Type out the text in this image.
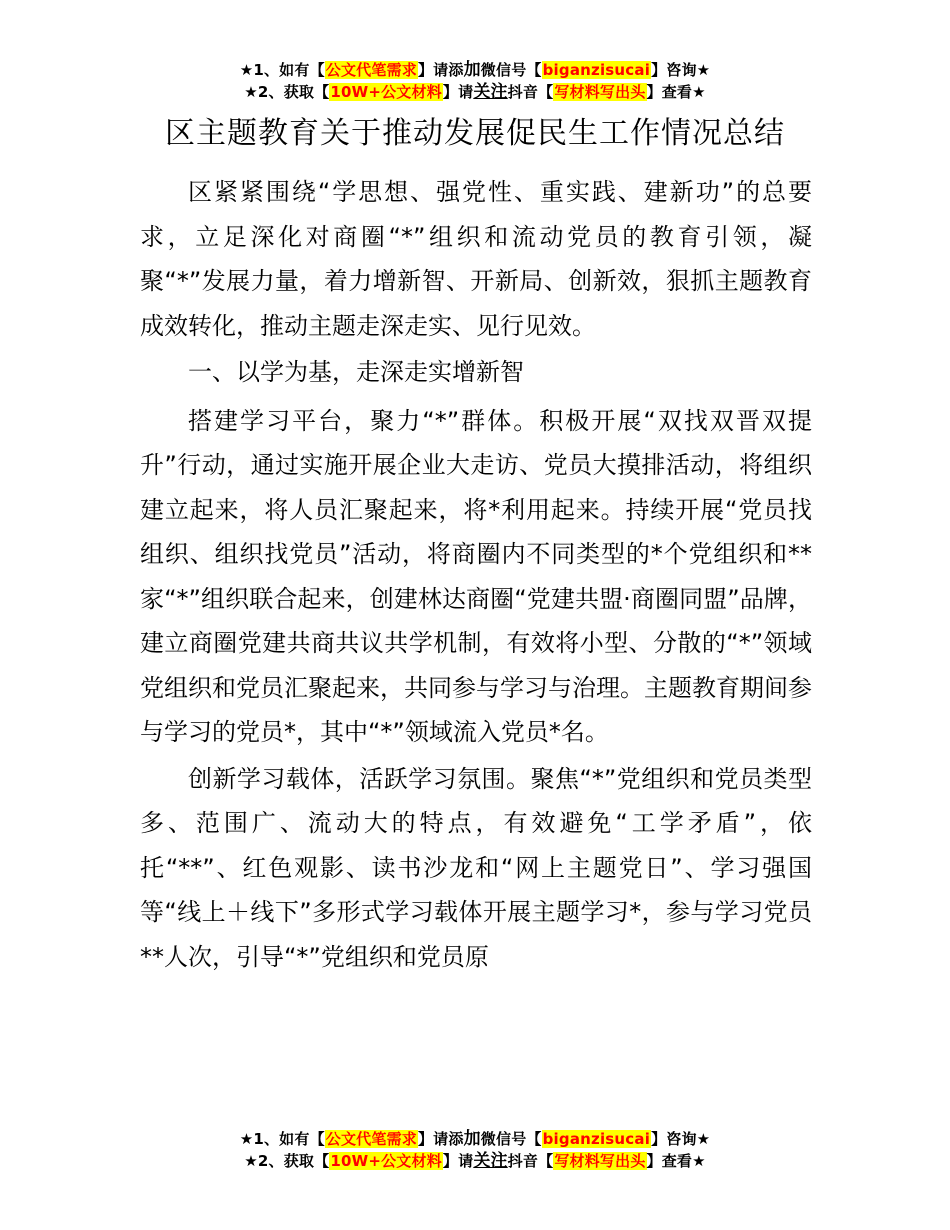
★1、如有【公文代笔需求】请添加微信号【biganzisucai】咨询★
★2、获取【10W+公文材料】请关注抖音【写材料写出头】查看★
区主题教育关于推动发展促民生工作情况总结

区紧紧围绕“学思想、强党性、重实践、建新功”的总要求，立足深化对商圈“*”组织和流动党员的教育引领，凝聚“*”发展力量，着力增新智、开新局、创新效，狠抓主题教育成效转化，推动主题走深走实、见行见效。

一、以学为基，走深走实增新智

搭建学习平台，聚力“*”群体。积极开展“双找双晋双提升”行动，通过实施开展企业大走访、党员大摸排活动，将组织建立起来，将人员汇聚起来，将*利用起来。持续开展“党员找组织、组织找党员”活动，将商圈内不同类型的*个党组织和**家“*”组织联合起来，创建林达商圈“党建共盟·商圈同盟”品牌，建立商圈党建共商共议共学机制，有效将小型、分散的“*”领域党组织和党员汇聚起来，共同参与学习与治理。主题教育期间参与学习的党员*，其中“*”领域流入党员*名。

创新学习载体，活跃学习氛围。聚焦“*”党组织和党员类型多、范围广、流动大的特点，有效避免“工学矛盾”，依托“**”、红色观影、读书沙龙和“网上主题党日”、学习强国等“线上＋线下”多形式学习载体开展主题学习*，参与学习党员**人次，引导“*”党组织和党员原

★1、如有【公文代笔需求】请添加微信号【biganzisucai】咨询★
★2、获取【10W+公文材料】请关注抖音【写材料写出头】查看★
